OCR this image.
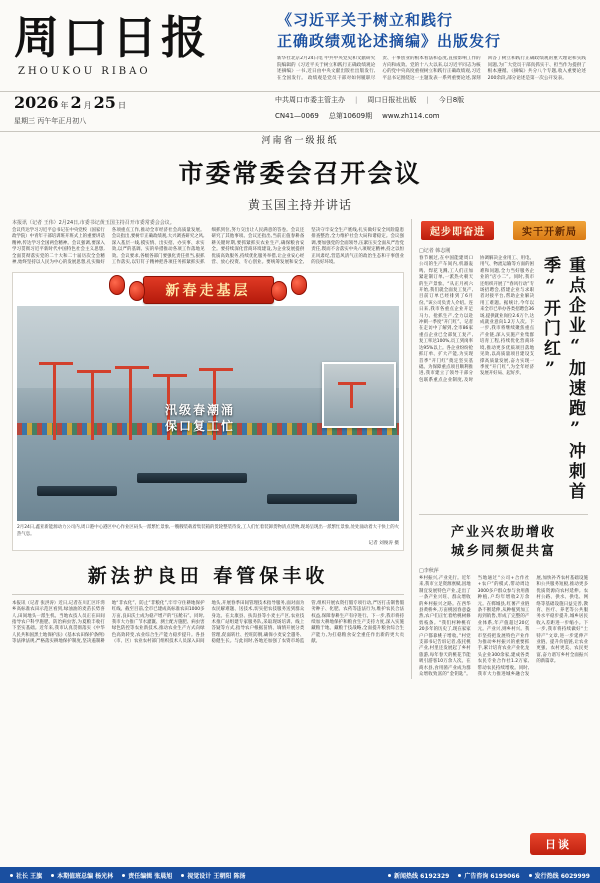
周口日报
ZHOUKOU RIBAO
《习近平关于树立和践行
正确政绩观论述摘编》出版发行
新华社北京2月24日电 中共中央党史和文献研究院编辑的《习近平关于树立和践行正确政绩观论述摘编》一书,近日由中央文献出版社出版发行,在全国发行。 政绩观是党员干部对如何履职尽责、干事创业的根本看法和态度,直接影响工作的方向和成效。党的十八大以来,以习近平同志为核心的党中央高度重视树立和践行正确政绩观,习近平总书记围绕这一主题发表一系列重要论述,深刻回答了树立和践行正确政绩观的重大理论和实践问题,为广大党员干部真抓实干、担当作为提供了根本遵循。《摘编》共分八个专题,收入重要论述200余段,部分论述是第一次公开发表。
2026 年 2 月 25 日
星期三 丙午年正月初八
中共周口市委主管主办 | 周口日报社出版 | 今日8版
CN41—0069 总第10609期 www.zh114.com
河南省一级报纸
市委常委会召开会议
黄玉国主持并讲话
本报讯（记者 王伟）2月24日,市委书记黄玉国主持召开市委常委会会议。
会议传达学习习近平总书记在中央党校（国家行政学院）中青年干部培训班开班式上的重要讲话精神,传达学习全国两会精神。会议强调,要深入学习贯彻习近平新时代中国特色社会主义思想,全面贯彻落实党的二十大和二十届历次全会精神,始终坚持以人民为中心的发展思想,扎实做好各项重点工作,推动全市经济社会高质量发展。会议指出,要树牢正确政绩观,大兴调查研究之风,深入基层一线,摸实情、出实招、办实事、求实效,以严的基调、实的举措推动各项工作落地见效。会议要求,各级各部门要强化责任担当,狠抓工作落实,以钉钉子精神把各项任务抓紧抓实抓细抓到位,努力交出让人民满意的答卷。会议还研究了其他事项。会议还指出,当前正值春耕备耕关键时期,要抓紧抓实农业生产,确保粮食安全。要持续深化营商环境建设,为企业发展提供优质高效服务,持续优化服务举措,让企业安心经营、放心投资、专心创业。要统筹发展和安全,坚决守牢安全生产底线,扎实做好安全风险隐患排查整治,全力维护社会大局和谐稳定。会议强调,要加强党的全面领导,压紧压实全面从严治党责任,锲而不舍落实中央八项规定精神,持之以恒正风肃纪,营造风清气正的政治生态和干事创业的良好环境。
新春走基层
汛级春潮涌
保口复工忙
2月24日,鑫亚新能源动力公司内,周口港中心港区中心作业区码头一派繁忙景象,一艘艘装载着集装箱的货轮整装待发,工人们忙着装卸货物清点货物,现场呈现出一派繁忙景象,处处涌动着大干快上的火热气息。
记者 刘俊涛 摄
新法护良田 春管保丰收
本报讯（记者 张洪涛）近日,记者在川汇区许湾乡高标准农田示范区看到,绿油油的麦苗长势喜人,田间地头一派生机。当地农技人员正在田间指导农户科学施肥、防治病虫害,为夏粮丰收打下坚实基础。近年来,我市认真贯彻落实《中华人民共和国黑土地保护法》《基本农田保护条例》等法律法规,严格落实耕地保护制度,坚决遏制耕地“非农化”、防止“非粮化”,牢牢守住耕地保护红线。截至目前,全市已建成高标准农田1000多万亩,良田沃土成为稳产增产的“压舱石”。同时,我市大力推广节水灌溉、测土配方施肥、病虫害绿色防控等农业新技术,推动农业生产方式向绿色高效转变,农业综合生产能力稳步提升。各县（市、区）农业农村部门组织技术人员深入田间地头,开展春季田间管理技术指导服务,面对面为农民解难题、送技术,切实把农技服务送到群众身边。在太康县、扶沟县等小麦主产区,农业技术推广站组建专家服务队,采取现场培训、线上答疑等方式,指导农户根据苗情、墒情开展分类管理,促弱转壮、控旺防倒,确保小麦安全越冬、稳健生长。与此同时,各地还加强了农资市场监管,组织开展农资打假专项行动,严厉打击制售假劣种子、化肥、农药等违法行为,维护农民合法权益,保障春耕生产有序进行。下一步,我市将持续加大耕地保护和粮食生产支持力度,深入实施藏粮于地、藏粮于技战略,全面提升粮食综合生产能力,为扛稳粮食安全重任作出新的更大贡献。
起步即奋进	实干开新局
□记者 韩志刚
春节刚过,在中国能建周口公司的生产车间内,机器轰鸣、焊花飞溅,工人们正加紧赶制订单,一派热火朝天的生产景象。“从正月初六开始,我们就全面复工复产,目前订单已经排到了6月份。”该公司负责人介绍。连日来,我市各重点企业开足马力、抢抓生产,全力以赴冲刺一季度“开门红”。记者在走访中了解到,全市86家重点企业已全部复工复产,复工率达100%,员工到岗率达95%以上。各企业纷纷抢抓订单、扩大产能,为实现首季“开门红”奠定坚实基础。为保障重点项目顺利推进,我市建立了领导干部分包联系重点企业制度,及时协调解决企业用工、用电、用气、物流运输等方面的困难和问题,全力当好服务企业的“店小二”。同时,我市还组织开展了“春风行动”专场招聘会,搭建企业与求职者对接平台,帮助企业解决用工难题。据统计,今年以来全市已举办各类招聘会36场,提供就业岗位2.6万个,达成就业意向1.2万人次。下一步,我市将继续聚焦重点产业链,深入实施产业集群培育工程,持续优化营商环境,推动更多优质项目落地见效,以高质量项目建设支撑高质量发展,奋力实现一季度“开门红”,为全年经济发展开好局、起好步。	重点企业“加速跑”冲刺首季“开门红”
产业兴农助增收
城乡同频促共富
□李秋萍
乡村振兴,产业先行。近年来,我市立足资源禀赋,因地制宜发展特色产业,走出了一条产业兴旺、群众增收的乡村振兴之路。在西华县黄桥乡,万亩桃园春意盎然,农户们正忙着给桃树修剪枝条。“我们村种桃有20多年的历史了,现在家家户户都靠桃子增收。”村党支部书记告诉记者,依托桃产业,村里还发展起了乡村旅游,每年春天的桃花节能吸引游客10万余人次。在商水县,食用菌产业成为群众增收致富的“金钥匙”。当地通过“公司+合作社+农户”的模式,带动周边3000多户群众参与食用菌种植,户均年增收2万余元。在郸城县,红薯产业链条不断延伸,从种植到加工再到销售,形成了完整的产业体系,年产值超过20亿元。产业兴,则乡村兴。我市坚持把发展特色产业作为推动乡村振兴的重要抓手,累计培育农业产业化龙头企业300余家,建成各类农民专业合作社1.2万家,带动农民持续增收。同时,我市大力推进城乡融合发展,加快补齐农村基础设施和公共服务短板,推动更多优质资源向农村延伸。农村公路、供水、供电、网络等基础设施日益完善,教育、医疗、养老等公共服务水平稳步提升,城乡居民收入差距进一步缩小。下一步,我市将持续做好“土特产”文章,进一步延伸产业链、提升价值链,让农业更强、农村更美、农民更富,奋力谱写乡村全面振兴的新篇章。
日谈
社长 王旗	本期值班总编 杨光林	责任编辑 张晨旭	视觉设计 王朝阳 陈扬	新闻热线 6192329	广告咨询 6199066	发行热线 6029999
